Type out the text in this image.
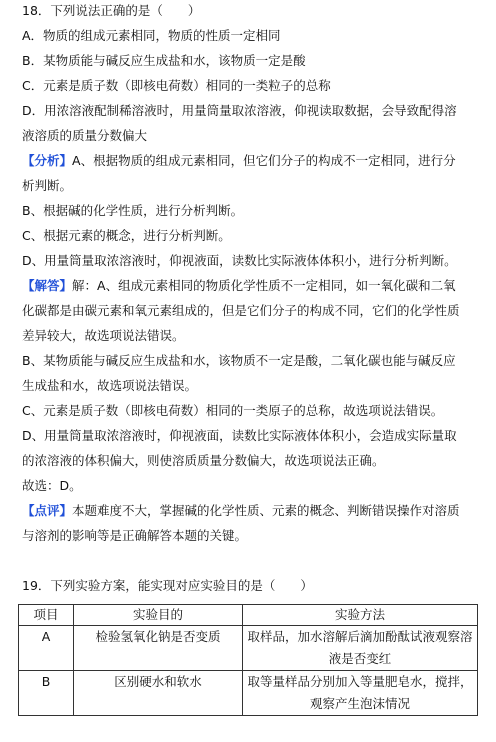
18．下列说法正确的是（　　）
A．物质的组成元素相同，物质的性质一定相同
B．某物质能与碱反应生成盐和水，该物质一定是酸
C．元素是质子数（即核电荷数）相同的一类粒子的总称
D．用浓溶液配制稀溶液时，用量筒量取浓溶液，仰视读取数据，会导致配得溶
液溶质的质量分数偏大
【分析】A、根据物质的组成元素相同，但它们分子的构成不一定相同，进行分
析判断。
B、根据碱的化学性质，进行分析判断。
C、根据元素的概念，进行分析判断。
D、用量筒量取浓溶液时，仰视液面，读数比实际液体体积小，进行分析判断。
【解答】解：A、组成元素相同的物质化学性质不一定相同，如一氧化碳和二氧
化碳都是由碳元素和氧元素组成的，但是它们分子的构成不同，它们的化学性质
差异较大，故选项说法错误。
B、某物质能与碱反应生成盐和水，该物质不一定是酸，二氧化碳也能与碱反应
生成盐和水，故选项说法错误。
C、元素是质子数（即核电荷数）相同的一类原子的总称，故选项说法错误。
D、用量筒量取浓溶液时，仰视液面，读数比实际液体体积小，会造成实际量取
的浓溶液的体积偏大，则使溶质质量分数偏大，故选项说法正确。
故选：D。
【点评】本题难度不大，掌握碱的化学性质、元素的概念、判断错误操作对溶质
与溶剂的影响等是正确解答本题的关键。
19．下列实验方案，能实现对应实验目的是（　　）
项目	实验目的	实验方法
A	检验氢氧化钠是否变质	取样品，加水溶解后滴加酚酞试液观察溶
液是否变红

B	区别硬水和软水	取等量样品分别加入等量肥皂水，搅拌，
观察产生泡沫情况
